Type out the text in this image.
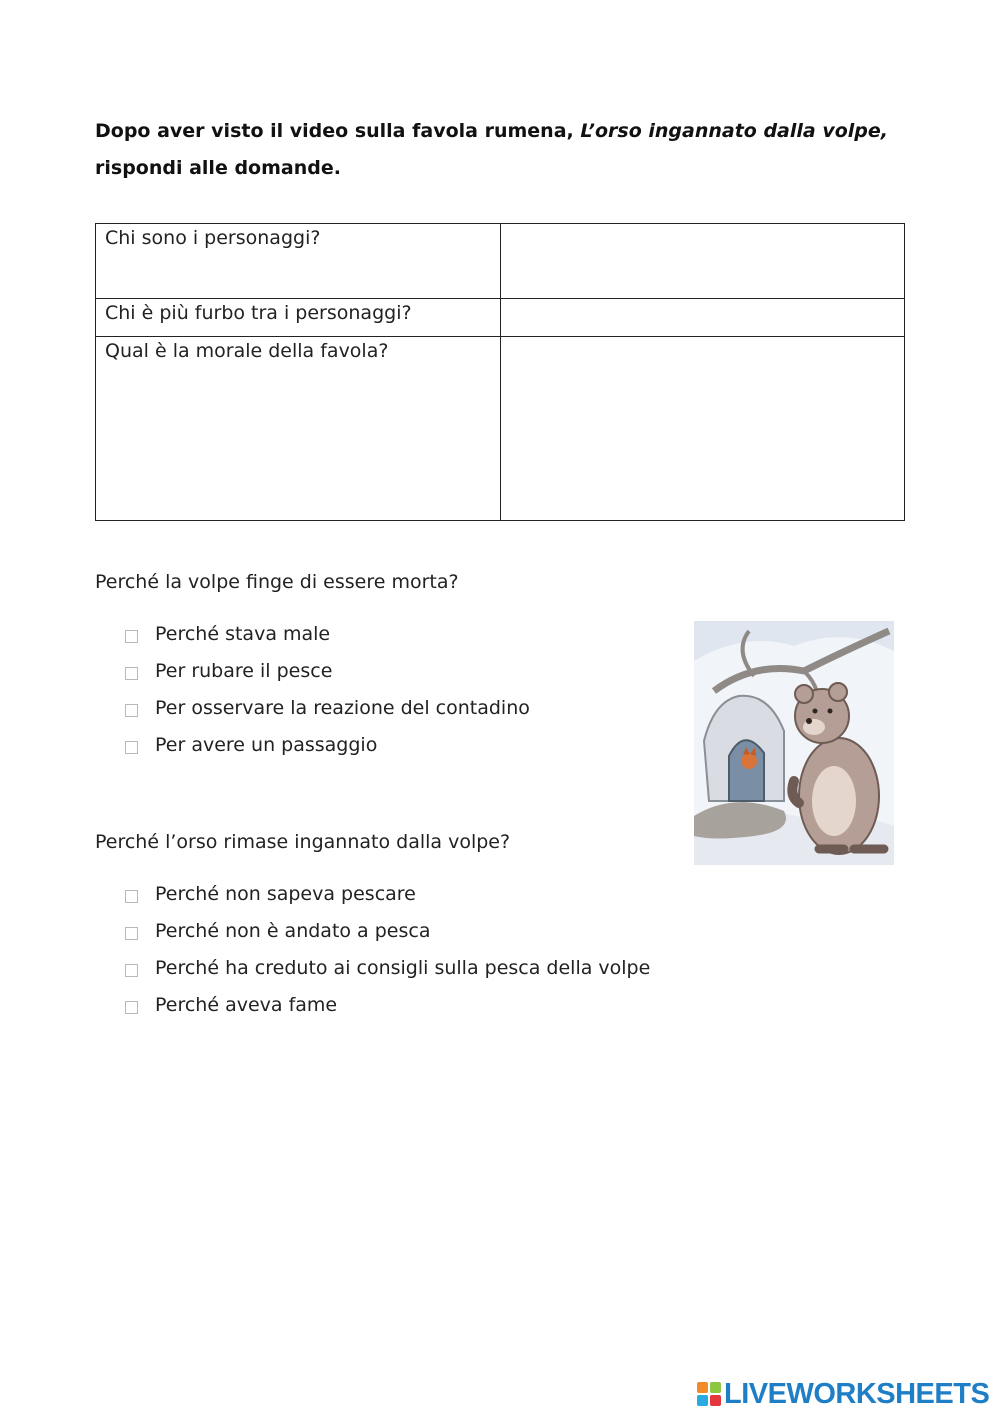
Dopo aver visto il video sulla favola rumena, L’orso ingannato dalla volpe, rispondi alle domande.
Chi sono i personaggi?	
Chi è più furbo tra i personaggi?	
Qual è la morale della favola?	
Perché la volpe finge di essere morta?
Perché stava male
Per rubare il pesce
Per osservare la reazione del contadino
Per avere un passaggio
Perché l’orso rimase ingannato dalla volpe?
Perché non sapeva pescare
Perché non è andato a pesca
Perché ha creduto ai consigli sulla pesca della volpe
Perché aveva fame
LIVEWORKSHEETS
